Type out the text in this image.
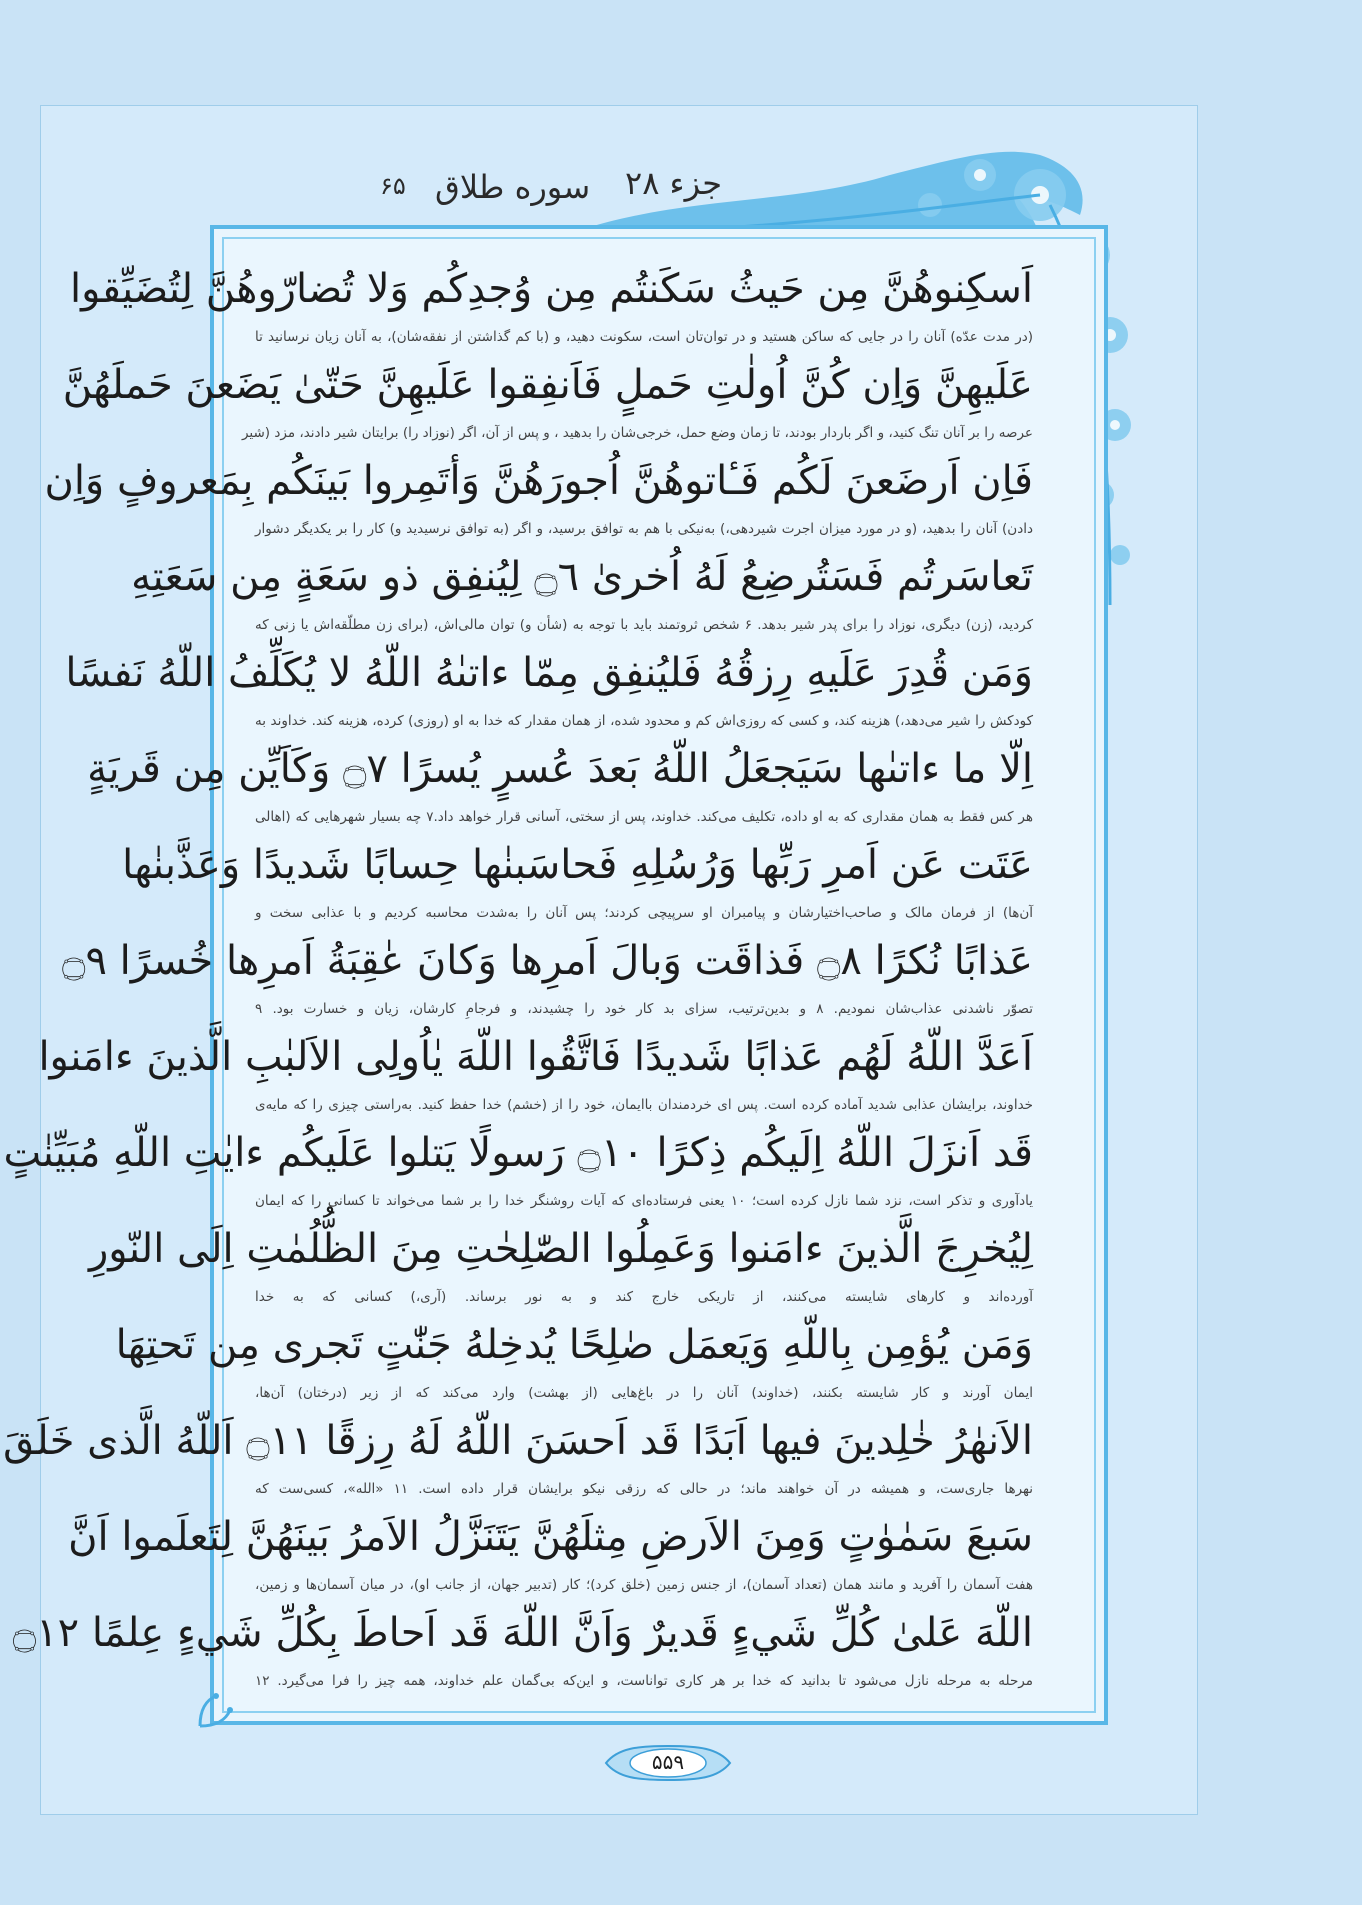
۶۵ سوره طلاق جزء ۲۸
اَسكِنوهُنَّ مِن حَيثُ سَكَنتُم مِن وُجدِكُم وَلا تُضارّوهُنَّ لِتُضَيِّقوا
(در مدت عدّه) آنان را در جایی که ساکن هستید و در توان‌تان است، سکونت دهید، و (با کم گذاشتن از نفقه‌شان)، به آنان زیان نرسانید تا
عَلَيهِنَّ وَاِن كُنَّ اُولٰتِ حَملٍ فَاَنفِقوا عَلَيهِنَّ حَتّىٰ يَضَعنَ حَملَهُنَّ
عرصه را بر آنان تنگ کنید، و اگر باردار بودند، تا زمان وضع حمل، خرجی‌شان را بدهید ، و پس از آن، اگر (نوزاد را) برایتان شیر دادند، مزد (شیر
فَاِن اَرضَعنَ لَكُم فَـٔاتوهُنَّ اُجورَهُنَّ وَأتَمِروا بَينَكُم بِمَعروفٍ وَاِن
دادن) آنان را بدهید، (و در مورد میزان اجرت شیردهی،) به‌نیکی با هم به توافق برسید، و اگر (به توافق نرسیدید و) کار را بر یکدیگر دشوار
تَعاسَرتُم فَسَتُرضِعُ لَهُ اُخرىٰ ۝٦ لِيُنفِق ذو سَعَةٍ مِن سَعَتِهِ
کردید، (زن) دیگری، نوزاد را برای پدر شیر بدهد. ۶ شخص ثروتمند باید با توجه به (شأن و) توان مالی‌اش، (برای زن مطلّقه‌اش یا زنی که
وَمَن قُدِرَ عَلَيهِ رِزقُهُ فَليُنفِق مِمّا ءاتىٰهُ اللّهُ لا يُكَلِّفُ اللّهُ نَفسًا
کودکش را شیر می‌دهد،) هزینه کند، و کسی که روزی‌اش کم و محدود شده، از همان مقدار که خدا به او (روزی) کرده، هزینه کند. خداوند به
اِلّا ما ءاتىٰها سَيَجعَلُ اللّهُ بَعدَ عُسرٍ يُسرًا ۝٧ وَكَاَيِّن مِن قَريَةٍ
هر کس فقط به همان مقداری که به او داده، تکلیف می‌کند. خداوند، پس از سختی، آسانی قرار خواهد داد.۷ چه بسیار شهرهایی که (اهالی
عَتَت عَن اَمرِ رَبِّها وَرُسُلِهِ فَحاسَبنٰها حِسابًا شَديدًا وَعَذَّبنٰها
آن‌ها) از فرمان مالک و صاحب‌اختیارشان و پیامبران او سرپیچی کردند؛ پس آنان را به‌شدت محاسبه کردیم و با عذابی سخت و
عَذابًا نُكرًا ۝٨ فَذاقَت وَبالَ اَمرِها وَكانَ عٰقِبَةُ اَمرِها خُسرًا ۝٩
تصوّر ناشدنی عذاب‌شان نمودیم. ۸ و بدین‌ترتیب، سزای بد کار خود را چشیدند، و فرجامِ کارشان، زیان و خسارت بود. ۹
اَعَدَّ اللّهُ لَهُم عَذابًا شَديدًا فَاتَّقُوا اللّهَ يٰاُولِى الاَلبٰبِ الَّذينَ ءامَنوا
خداوند، برایشان عذابی شدید آماده کرده است. پس ای خردمندان باایمان، خود را از (خشم) خدا حفظ کنید. به‌راستی چیزی را که مایه‌ی
قَد اَنزَلَ اللّهُ اِلَيكُم ذِكرًا ۝١٠ رَسولًا يَتلوا عَلَيكُم ءايٰتِ اللّهِ مُبَيِّنٰتٍ
یادآوری و تذکر است، نزد شما نازل کرده است؛ ۱۰ یعنی فرستاده‌ای که آیات روشنگر خدا را بر شما می‌خواند تا کسانی را که ایمان
لِيُخرِجَ الَّذينَ ءامَنوا وَعَمِلُوا الصّٰلِحٰتِ مِنَ الظُّلُمٰتِ اِلَى النّورِ
آورده‌اند و کارهای شایسته می‌کنند، از تاریکی خارج کند و به نور برساند. (آری،) کسانی که به خدا
وَمَن يُؤمِن بِاللّهِ وَيَعمَل صٰلِحًا يُدخِلهُ جَنّٰتٍ تَجرى مِن تَحتِهَا
ایمان آورند و کار شایسته بکنند، (خداوند) آنان را در باغ‌هایی (از بهشت) وارد می‌کند که از زیر (درختان) آن‌ها،
الاَنهٰرُ خٰلِدينَ فيها اَبَدًا قَد اَحسَنَ اللّهُ لَهُ رِزقًا ۝١١ اَللّهُ الَّذى خَلَقَ
نهرها جاری‌ست، و همیشه در آن خواهند ماند؛ در حالی که رزقی نیکو برایشان قرار داده است. ۱۱ «الله»، کسی‌ست که
سَبعَ سَمٰوٰتٍ وَمِنَ الاَرضِ مِثلَهُنَّ يَتَنَزَّلُ الاَمرُ بَينَهُنَّ لِتَعلَموا اَنَّ
هفت آسمان را آفرید و مانند همان (تعداد آسمان)، از جنس زمین (خلق کرد)؛ کار (تدبیر جهان، از جانب او)، در میان آسمان‌ها و زمین،
اللّهَ عَلىٰ كُلِّ شَيءٍ قَديرٌ وَاَنَّ اللّهَ قَد اَحاطَ بِكُلِّ شَيءٍ عِلمًا ۝١٢
مرحله به مرحله نازل می‌شود تا بدانید که خدا بر هر کاری تواناست، و این‌که بی‌گمان علم خداوند، همه چیز را فرا می‌گیرد. ۱۲
۵۵۹
